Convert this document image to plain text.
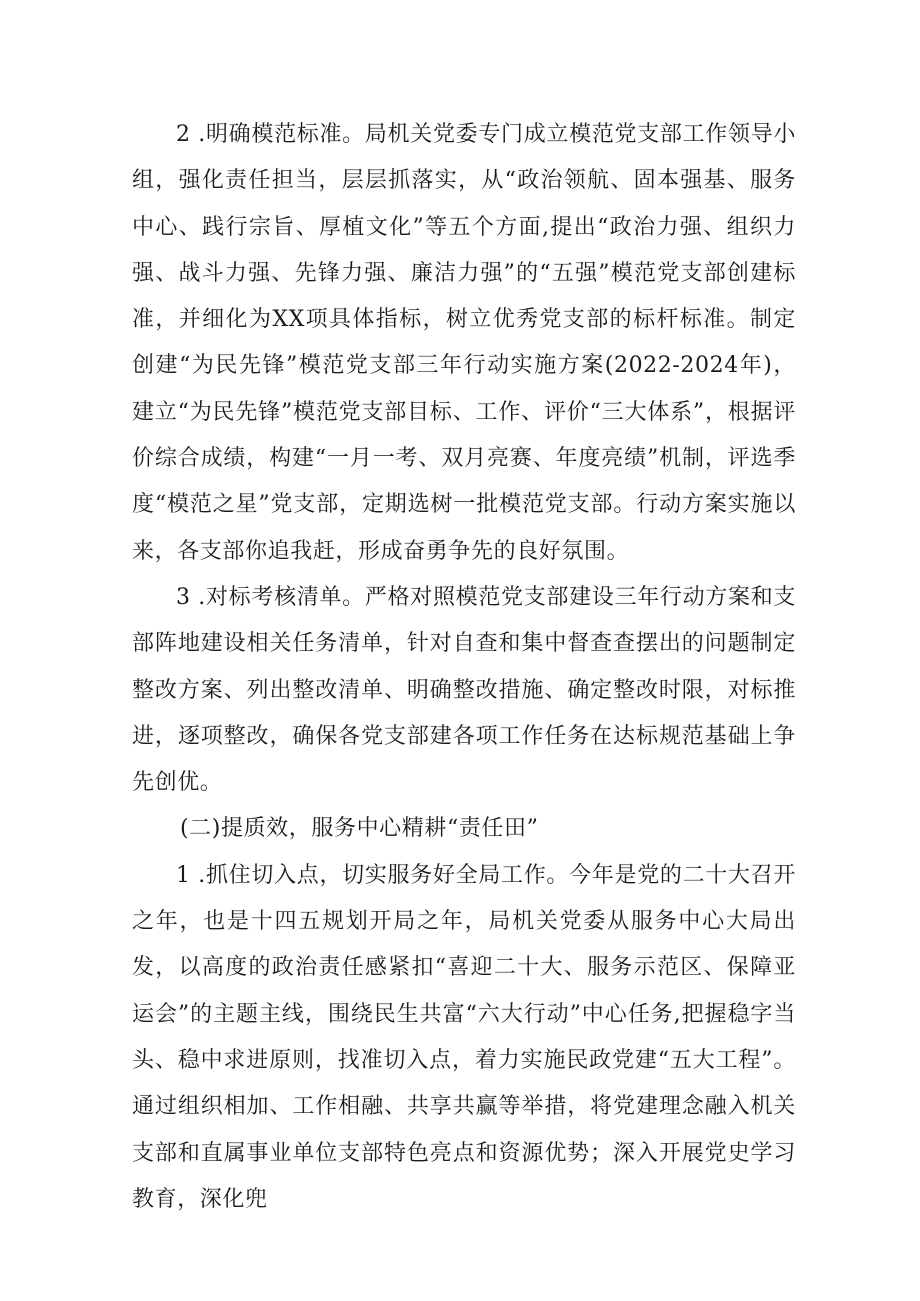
2 .明确模范标准。局机关党委专门成立模范党支部工作领导小组，强化责任担当，层层抓落实，从“政治领航、固本强基、服务中心、践行宗旨、厚植文化”等五个方面,提出“政治力强、组织力强、战斗力强、先锋力强、廉洁力强”的“五强”模范党支部创建标准，并细化为XX项具体指标，树立优秀党支部的标杆标准。制定创建“为民先锋”模范党支部三年行动实施方案(2022-2024年)，建立“为民先锋”模范党支部目标、工作、评价“三大体系”，根据评价综合成绩，构建“一月一考、双月亮赛、年度亮绩”机制，评选季度“模范之星”党支部，定期选树一批模范党支部。行动方案实施以来，各支部你追我赶，形成奋勇争先的良好氛围。

3 .对标考核清单。严格对照模范党支部建设三年行动方案和支部阵地建设相关任务清单，针对自查和集中督查查摆出的问题制定整改方案、列出整改清单、明确整改措施、确定整改时限，对标推进，逐项整改，确保各党支部建各项工作任务在达标规范基础上争先创优。

(二)提质效，服务中心精耕“责任田”

1 .抓住切入点，切实服务好全局工作。今年是党的二十大召开之年，也是十四五规划开局之年，局机关党委从服务中心大局出发，以高度的政治责任感紧扣“喜迎二十大、服务示范区、保障亚运会”的主题主线，围绕民生共富“六大行动”中心任务,把握稳字当头、稳中求进原则，找准切入点，着力实施民政党建“五大工程”。通过组织相加、工作相融、共享共赢等举措，将党建理念融入机关支部和直属事业单位支部特色亮点和资源优势；深入开展党史学习教育，深化兜
